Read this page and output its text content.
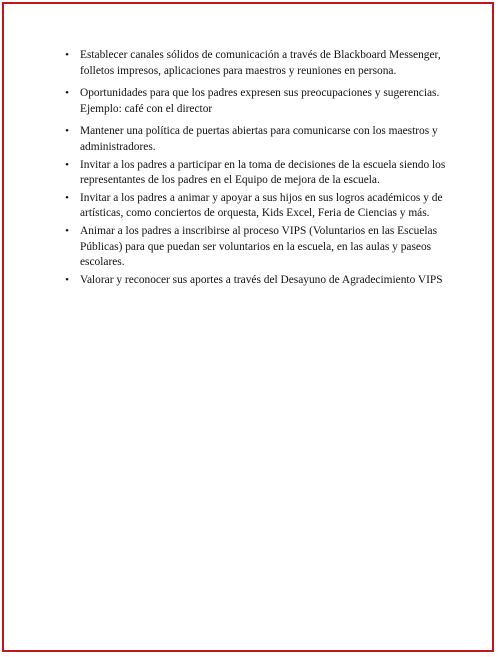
• Establecer canales sólidos de comunicación a través de Blackboard Messenger, folletos impresos, aplicaciones para maestros y reuniones en persona.
• Oportunidades para que los padres expresen sus preocupaciones y sugerencias. Ejemplo: café con el director
• Mantener una política de puertas abiertas para comunicarse con los maestros y administradores.
• Invitar a los padres a participar en la toma de decisiones de la escuela siendo los representantes de los padres en el Equipo de mejora de la escuela.
• Invitar a los padres a animar y apoyar a sus hijos en sus logros académicos y de artísticas, como conciertos de orquesta, Kids Excel, Feria de Ciencias y más.
• Animar a los padres a inscribirse al proceso VIPS (Voluntarios en las Escuelas Públicas) para que puedan ser voluntarios en la escuela, en las aulas y paseos escolares.
• Valorar y reconocer sus aportes a través del Desayuno de Agradecimiento VIPS
